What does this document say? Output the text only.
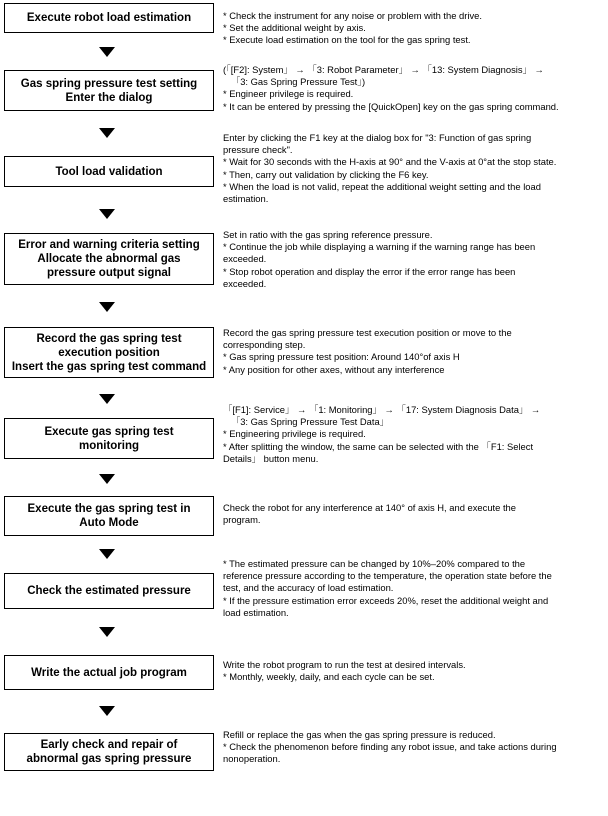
Execute robot load estimation
Gas spring pressure test setting
Enter the dialog
Tool load validation
Error and warning criteria setting
Allocate the abnormal gas
pressure output signal
Record the gas spring test
execution position
Insert the gas spring test command
Execute gas spring test
monitoring
Execute the gas spring test in
Auto Mode
Check the estimated pressure
Write the actual job program
Early check and repair of
abnormal gas spring pressure
* Check the instrument for any noise or problem with the drive.
* Set the additional weight by axis.
* Execute load estimation on the tool for the gas spring test.
(「[F2]: System」 → 「3: Robot Parameter」 → 「13: System Diagnosis」 →
「3: Gas Spring Pressure Test」)
* Engineer privilege is required.
* It can be entered by pressing the [QuickOpen] key on the gas spring command.
Enter by clicking the F1 key at the dialog box for "3: Function of gas spring
pressure check".
* Wait for 30 seconds with the H-axis at 90° and the V-axis at 0°at the stop state.
* Then, carry out validation by clicking the F6 key.
* When the load is not valid, repeat the additional weight setting and the load
estimation.
Set in ratio with the gas spring reference pressure.
* Continue the job while displaying a warning if the warning range has been
exceeded.
* Stop robot operation and display the error if the error range has been
exceeded.
Record the gas spring pressure test execution position or move to the
corresponding step.
* Gas spring pressure test position: Around 140°of axis H
* Any position for other axes, without any interference
「[F1]: Service」 → 「1: Monitoring」 → 「17: System Diagnosis Data」 →
「3: Gas Spring Pressure Test Data」
* Engineering privilege is required.
* After splitting the window, the same can be selected with the 「F1: Select
Details」 button menu.
Check the robot for any interference at 140° of axis H, and execute the
program.
* The estimated pressure can be changed by 10%–20% compared to the
reference pressure according to the temperature, the operation state before the
test, and the accuracy of load estimation.
* If the pressure estimation error exceeds 20%, reset the additional weight and
load estimation.
Write the robot program to run the test at desired intervals.
* Monthly, weekly, daily, and each cycle can be set.
Refill or replace the gas when the gas spring pressure is reduced.
* Check the phenomenon before finding any robot issue, and take actions during
nonoperation.
